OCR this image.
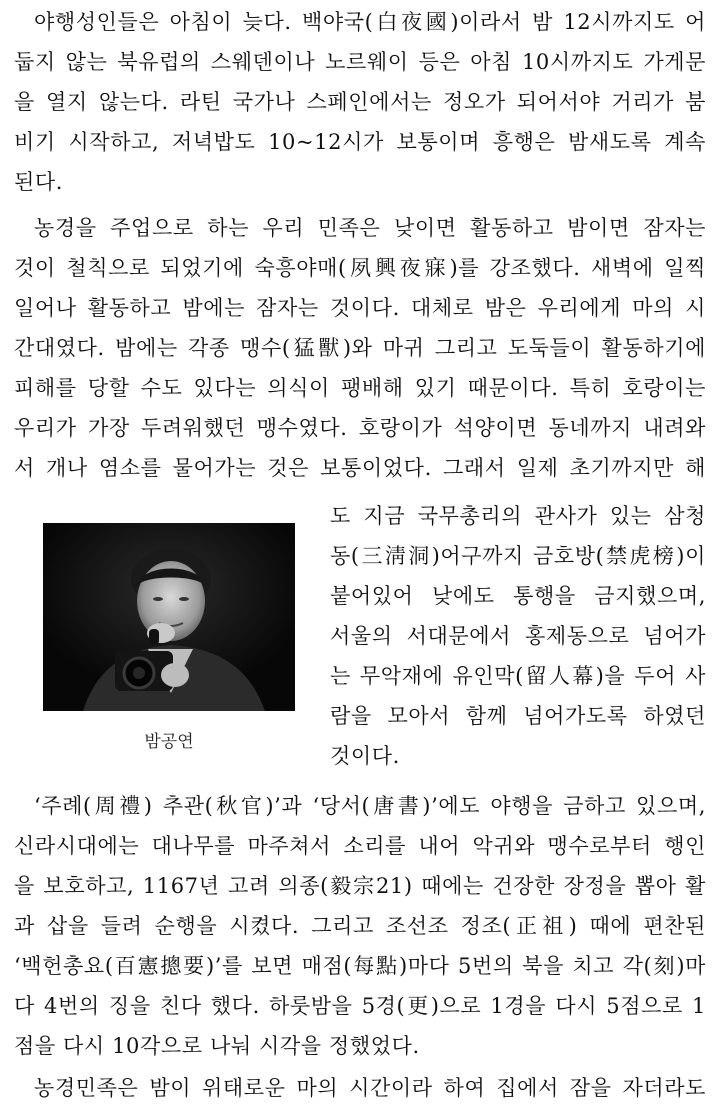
야행성인들은 아침이 늦다. 백야국(白夜國)이라서 밤 12시까지도 어
둡지 않는 북유럽의 스웨덴이나 노르웨이 등은 아침 10시까지도 가게문
을 열지 않는다. 라틴 국가나 스페인에서는 정오가 되어서야 거리가 붐
비기 시작하고, 저녁밥도 10~12시가 보통이며 흥행은 밤새도록 계속
된다.
농경을 주업으로 하는 우리 민족은 낮이면 활동하고 밤이면 잠자는
것이 철칙으로 되었기에 숙흥야매(夙興夜寐)를 강조했다. 새벽에 일찍
일어나 활동하고 밤에는 잠자는 것이다. 대체로 밤은 우리에게 마의 시
간대였다. 밤에는 각종 맹수(猛獸)와 마귀 그리고 도둑들이 활동하기에
피해를 당할 수도 있다는 의식이 팽배해 있기 때문이다. 특히 호랑이는
우리가 가장 두려워했던 맹수였다. 호랑이가 석양이면 동네까지 내려와
서 개나 염소를 물어가는 것은 보통이었다. 그래서 일제 초기까지만 해
도 지금 국무총리의 관사가 있는 삼청
동(三淸洞)어구까지 금호방(禁虎榜)이
붙어있어 낮에도 통행을 금지했으며,
서울의 서대문에서 홍제동으로 넘어가
는 무악재에 유인막(留人幕)을 두어 사
람을 모아서 함께 넘어가도록 하였던
것이다.
밤공연
‘주례(周禮) 추관(秋官)’과 ‘당서(唐書)’에도 야행을 금하고 있으며,
신라시대에는 대나무를 마주쳐서 소리를 내어 악귀와 맹수로부터 행인
을 보호하고, 1167년 고려 의종(毅宗21) 때에는 건장한 장정을 뽑아 활
과 삽을 들려 순행을 시켰다. 그리고 조선조 정조(正祖) 때에 편찬된
‘백헌총요(百憲摠要)’를 보면 매점(每點)마다 5번의 북을 치고 각(刻)마
다 4번의 징을 친다 했다. 하룻밤을 5경(更)으로 1경을 다시 5점으로 1
점을 다시 10각으로 나눠 시각을 정했었다.
농경민족은 밤이 위태로운 마의 시간이라 하여 집에서 잠을 자더라도
